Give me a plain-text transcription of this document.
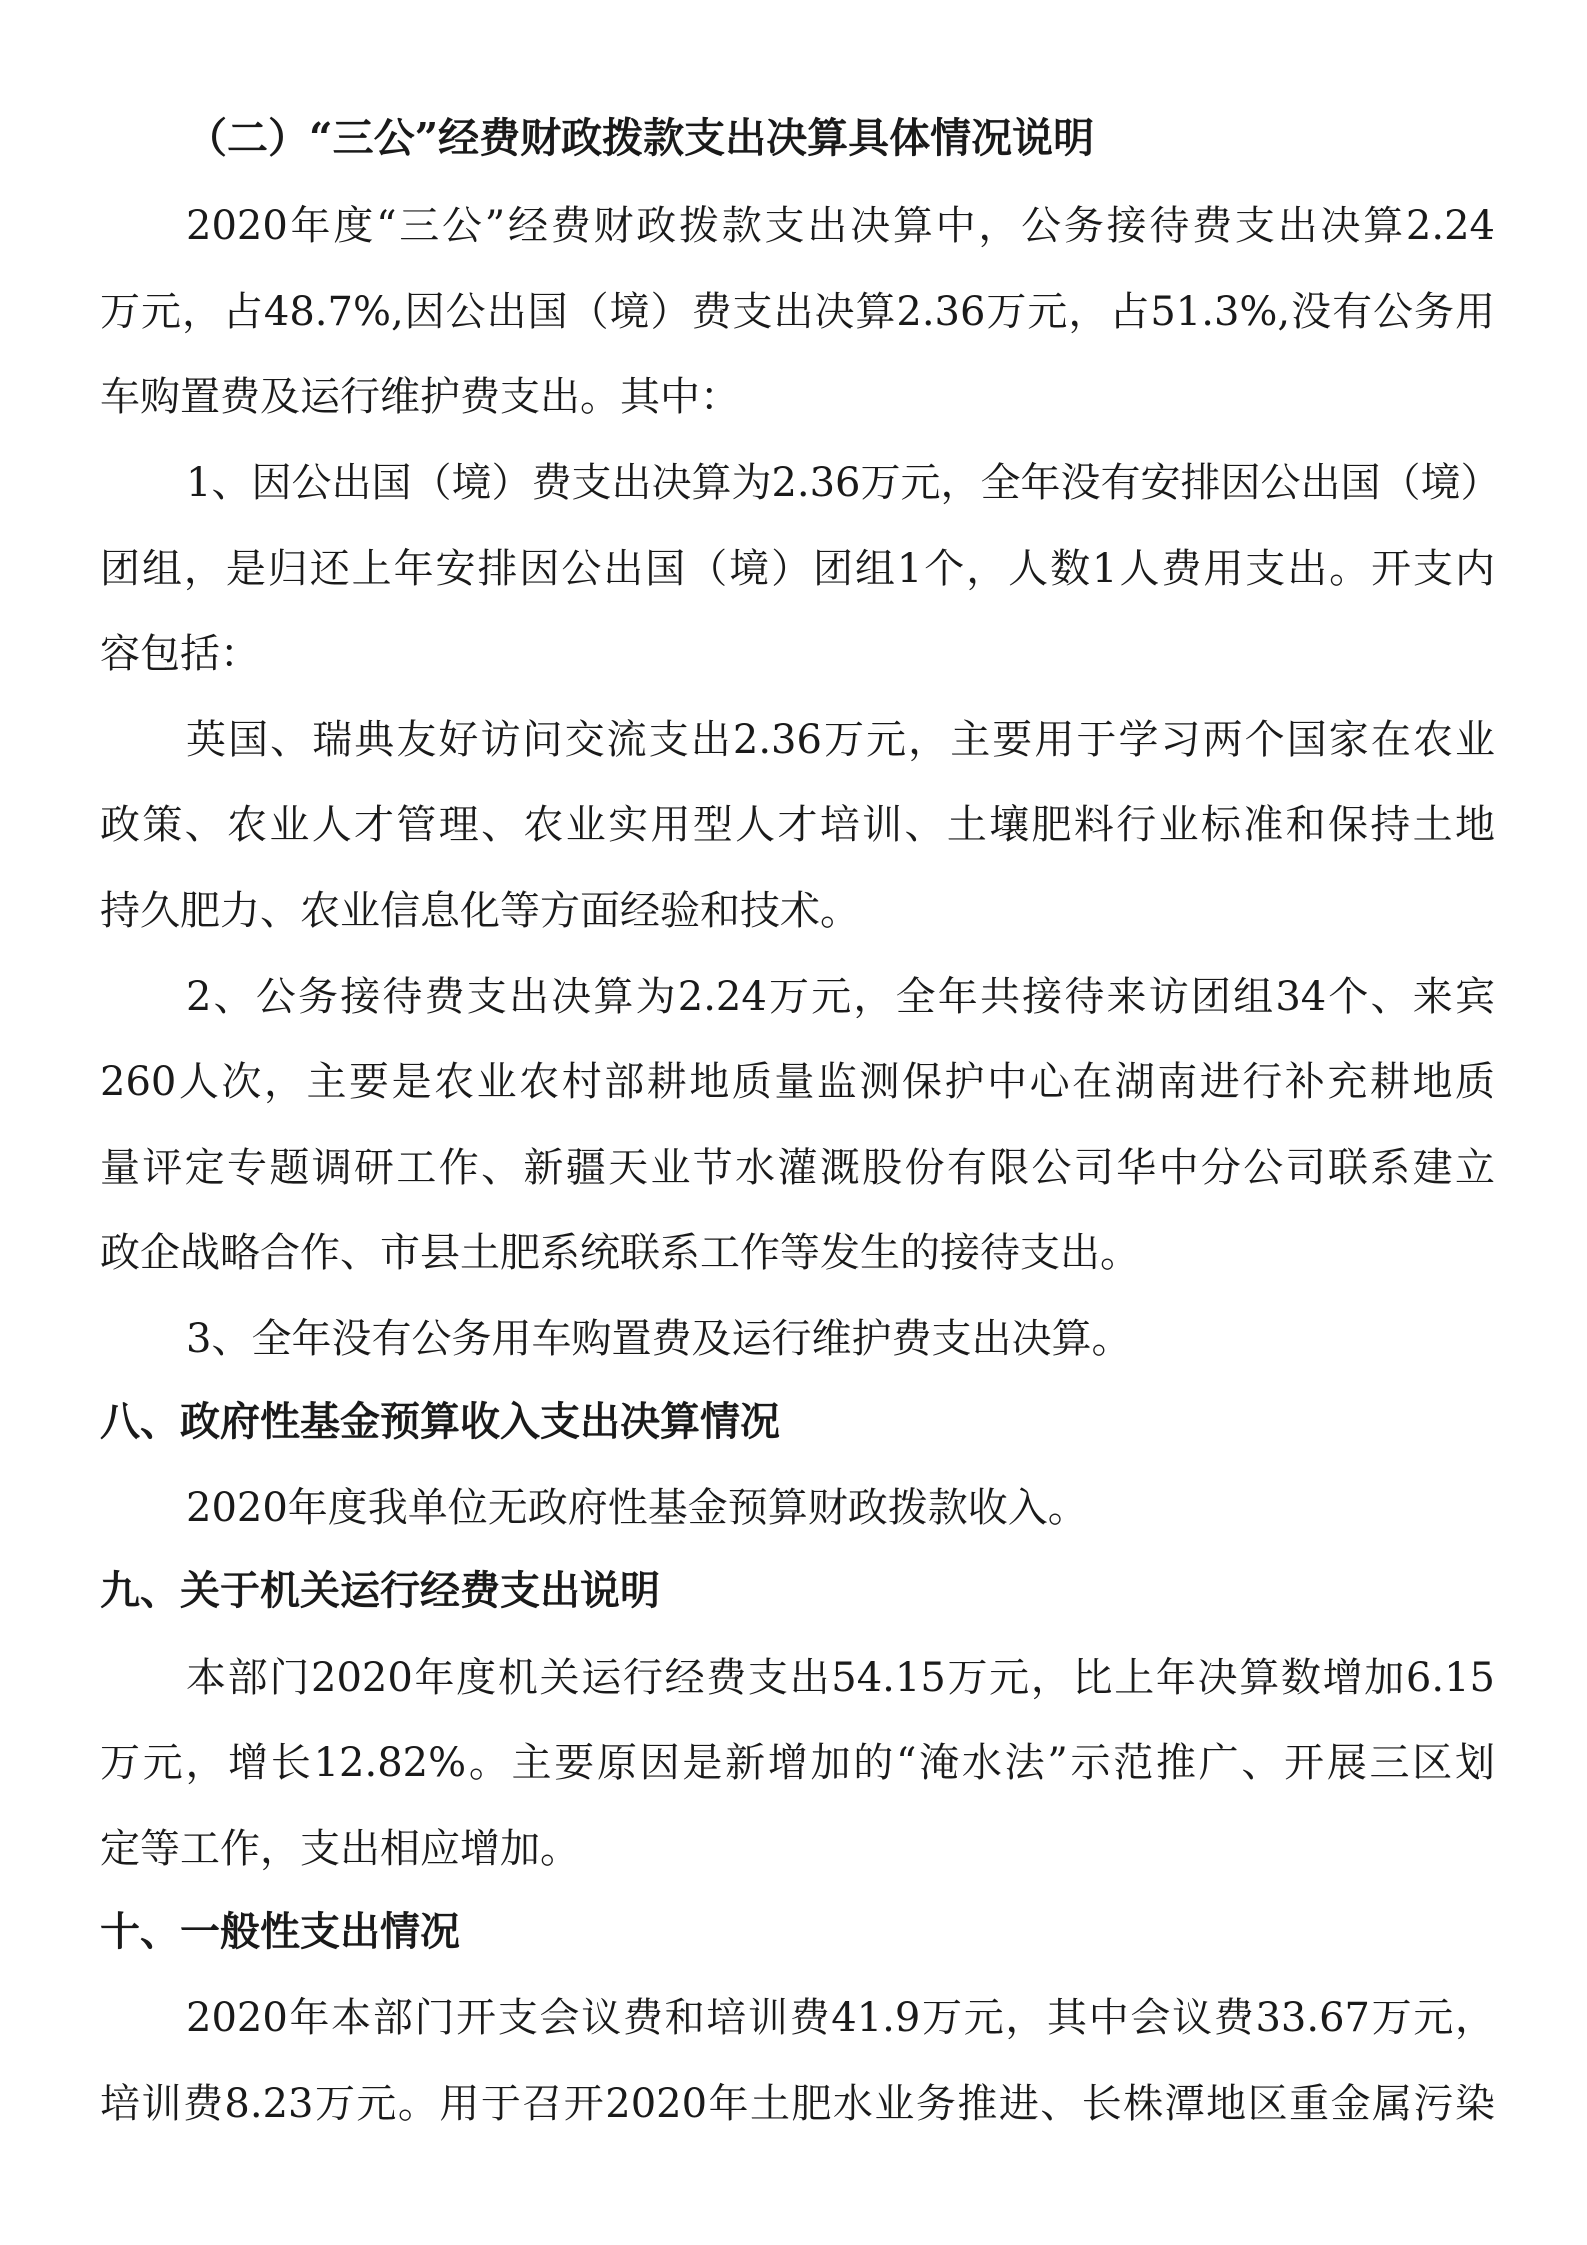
（二）“三公”经费财政拨款支出决算具体情况说明
2020年度“三公”经费财政拨款支出决算中，公务接待费支出决算2.24
万元，占48.7%,因公出国（境）费支出决算2.36万元，占51.3%,没有公务用
车购置费及运行维护费支出。其中：
1、因公出国（境）费支出决算为2.36万元，全年没有安排因公出国（境）
团组，是归还上年安排因公出国（境）团组1个，人数1人费用支出。开支内
容包括：
英国、瑞典友好访问交流支出2.36万元，主要用于学习两个国家在农业
政策、农业人才管理、农业实用型人才培训、土壤肥料行业标准和保持土地
持久肥力、农业信息化等方面经验和技术。
2、公务接待费支出决算为2.24万元，全年共接待来访团组34个、来宾
260人次，主要是农业农村部耕地质量监测保护中心在湖南进行补充耕地质
量评定专题调研工作、新疆天业节水灌溉股份有限公司华中分公司联系建立
政企战略合作、市县土肥系统联系工作等发生的接待支出。
3、全年没有公务用车购置费及运行维护费支出决算。
八、政府性基金预算收入支出决算情况
2020年度我单位无政府性基金预算财政拨款收入。
九、关于机关运行经费支出说明
本部门2020年度机关运行经费支出54.15万元，比上年决算数增加6.15
万元，增长12.82%。主要原因是新增加的“淹水法”示范推广、开展三区划
定等工作，支出相应增加。
十、一般性支出情况
2020年本部门开支会议费和培训费41.9万元，其中会议费33.67万元，
培训费8.23万元。用于召开2020年土肥水业务推进、长株潭地区重金属污染
